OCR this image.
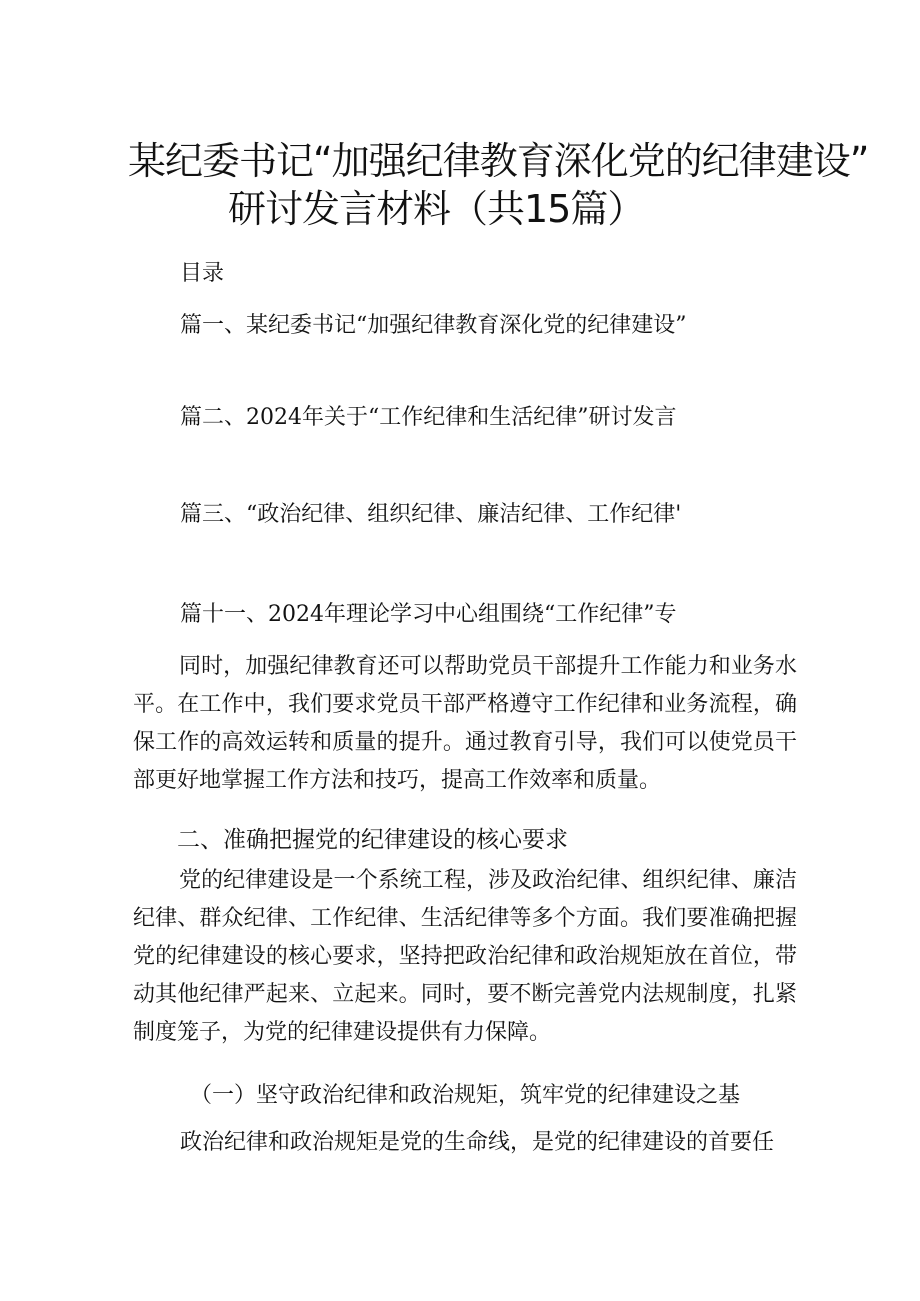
某纪委书记“加强纪律教育深化党的纪律建设”
研讨发言材料（共15篇）
目录
篇一、某纪委书记“加强纪律教育深化党的纪律建设”
篇二、2024年关于“工作纪律和生活纪律”研讨发言
篇三、“政治纪律、组织纪律、廉洁纪律、工作纪律'
篇十一、2024年理论学习中心组围绕“工作纪律”专
同时，加强纪律教育还可以帮助党员干部提升工作能力和业务水平。在工作中，我们要求党员干部严格遵守工作纪律和业务流程，确保工作的高效运转和质量的提升。通过教育引导，我们可以使党员干部更好地掌握工作方法和技巧，提高工作效率和质量。
二、准确把握党的纪律建设的核心要求
党的纪律建设是一个系统工程，涉及政治纪律、组织纪律、廉洁纪律、群众纪律、工作纪律、生活纪律等多个方面。我们要准确把握党的纪律建设的核心要求，坚持把政治纪律和政治规矩放在首位，带动其他纪律严起来、立起来。同时，要不断完善党内法规制度，扎紧制度笼子，为党的纪律建设提供有力保障。
（一）坚守政治纪律和政治规矩，筑牢党的纪律建设之基
政治纪律和政治规矩是党的生命线，是党的纪律建设的首要任
